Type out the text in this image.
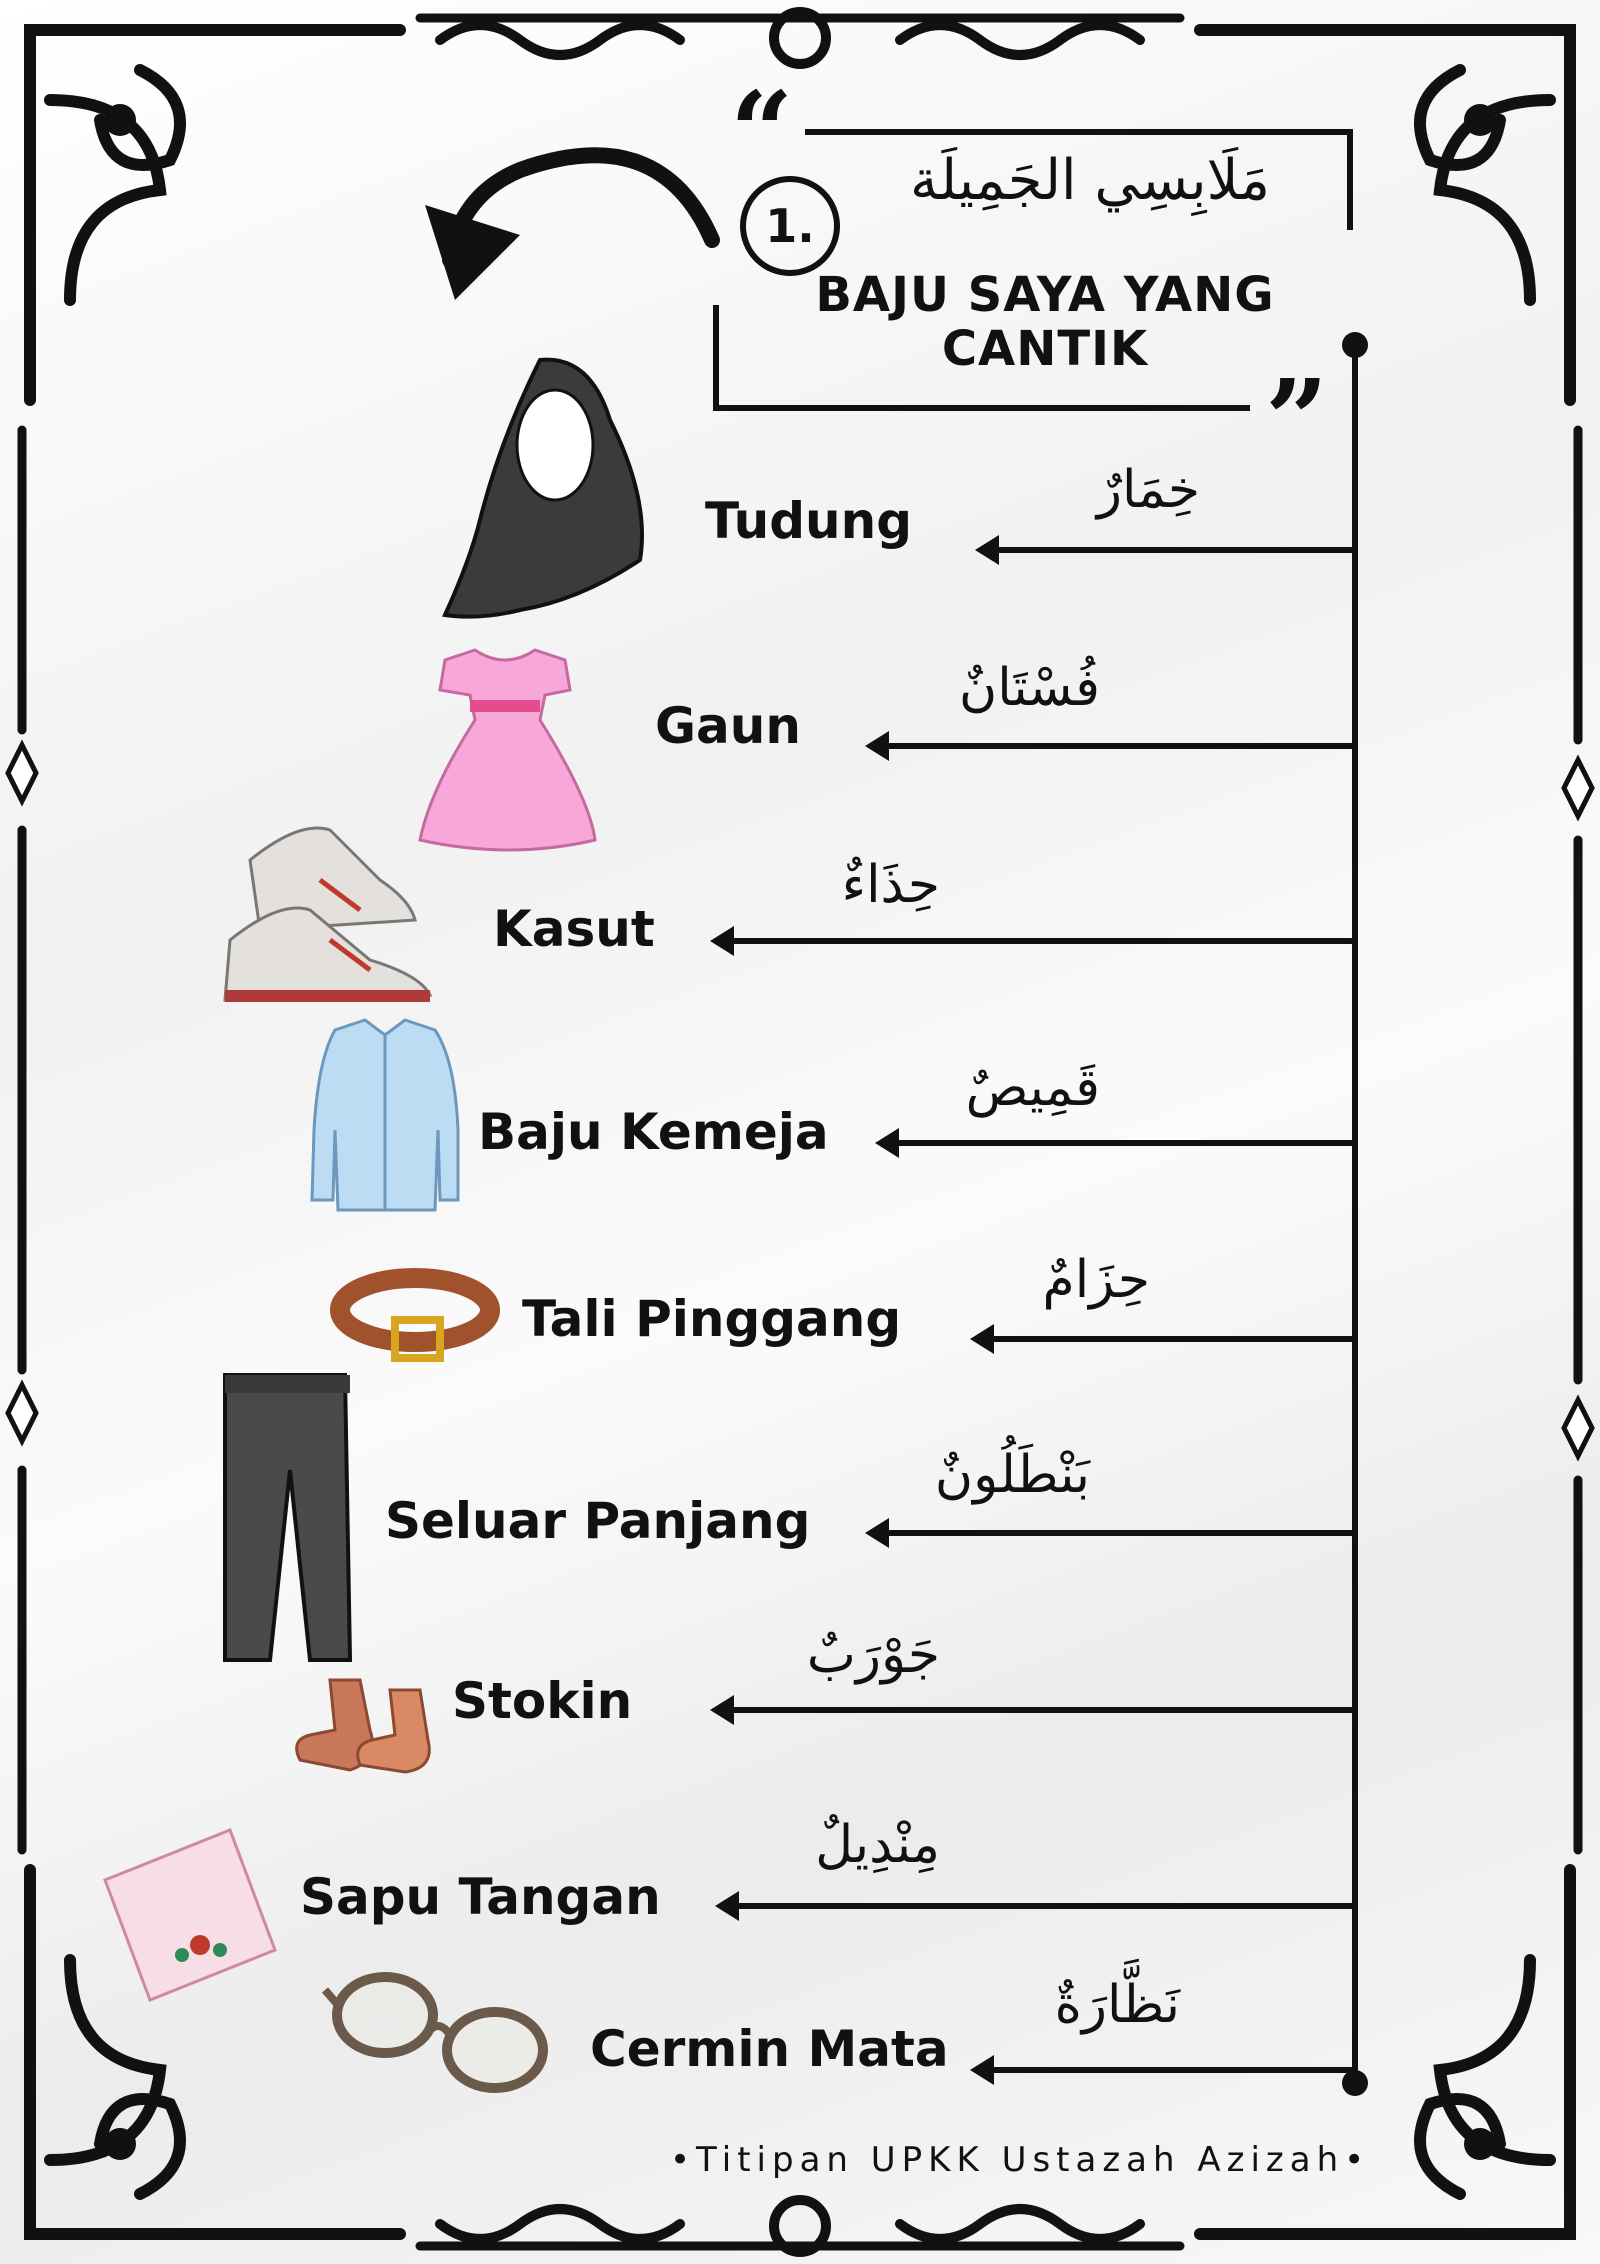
“
”
1.
مَلَابِسِي الجَمِيلَة
BAJU SAYA YANG
CANTIK
Tudung
Gaun
Kasut
Baju Kemeja
Tali Pinggang
Seluar Panjang
Stokin
Sapu Tangan
Cermin Mata
خِمَارٌ
فُسْتَانٌ
حِذَاءٌ
قَمِيصٌ
حِزَامٌ
بَنْطَلُونٌ
جَوْرَبٌ
مِنْدِيلٌ
نَظَّارَةٌ
•Titipan UPKK Ustazah Azizah•
